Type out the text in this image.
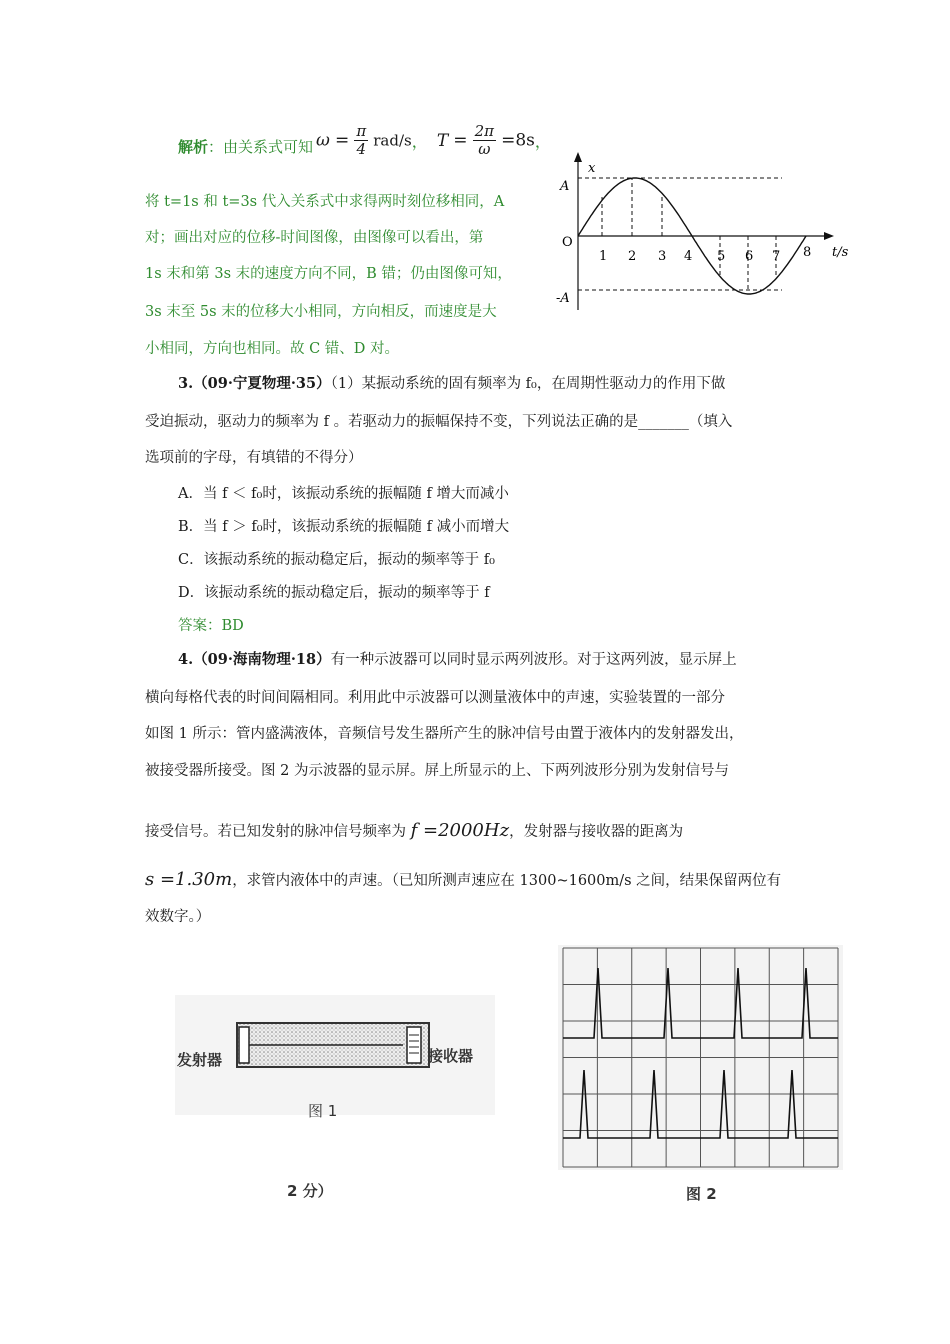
解析：由关系式可知 $\omega = \frac{\pi}{4} rad/s$， $T = \frac{2\pi}{\omega} =8s$，
将 t=1s 和 t=3s 代入关系式中求得两时刻位移相同，A
对；画出对应的位移-时间图像，由图像可以看出，第
1s 末和第 3s 末的速度方向不同，B 错；仍由图像可知，
3s 末至 5s 末的位移大小相同，方向相反，而速度是大
小相同，方向也相同。故 C 错、D 对。
x
A
O
-A
t/s
1 2 3 4 5 6 7 8
3.（09·宁夏物理·35）（1）某振动系统的固有频率为 f₀，在周期性驱动力的作用下做
受迫振动，驱动力的频率为 f 。若驱动力的振幅保持不变，下列说法正确的是_______（填入
选项前的字母，有填错的不得分）
A．当 f ＜ f₀时，该振动系统的振幅随 f 增大而减小
B．当 f ＞ f₀时，该振动系统的振幅随 f 减小而增大
C．该振动系统的振动稳定后，振动的频率等于 f₀
D．该振动系统的振动稳定后，振动的频率等于 f
答案：BD
4.（09·海南物理·18）有一种示波器可以同时显示两列波形。对于这两列波，显示屏上
横向每格代表的时间间隔相同。利用此中示波器可以测量液体中的声速，实验装置的一部分
如图 1 所示：管内盛满液体，音频信号发生器所产生的脉冲信号由置于液体内的发射器发出，
被接受器所接受。图 2 为示波器的显示屏。屏上所显示的上、下两列波形分别为发射信号与
接受信号。若已知发射的脉冲信号频率为 f =2000Hz，发射器与接收器的距离为
s =1.30m，求管内液体中的声速。（已知所测声速应在 1300~1600m/s 之间，结果保留两位有
效数字。）
发射器	接收器
图 1
2 分）	图 2
